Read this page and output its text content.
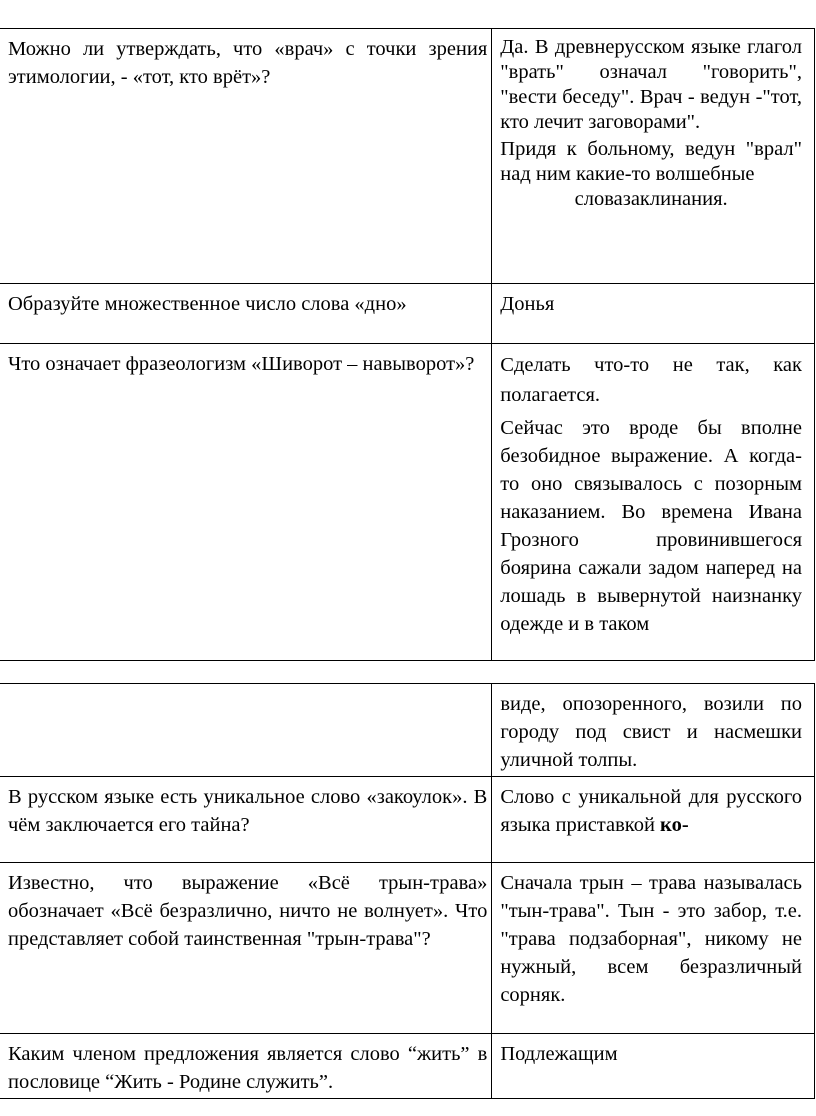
Можно ли утверждать, что «врач» с точки зрения этимологии, - «тот, кто врёт»?	Да. В древнерусском языке глагол "врать" означал "говорить", "вести беседу". Врач - ведун -"тот, кто лечит заговорами".

Придя к больному, ведун "врал" над ним какие-то волшебные

словазаклинания.

Образуйте множественное число слова «дно»	Донья
Что означает фразеологизм «Шиворот – навыворот»?	Сделать что-то не так, как полагается.

Сейчас это вроде бы вполне безобидное выражение. А когда-то оно связывалось с позорным наказанием. Во времена Ивана Грозного провинившегося боярина сажали задом наперед на лошадь в вывернутой наизнанку одежде и в таком

	виде, опозоренного, возили по городу под свист и насмешки уличной толпы.
В русском языке есть уникальное слово «закоулок». В чём заключается его тайна?	Слово с уникальной для русского языка приставкой ко-
Известно, что выражение «Всё трын-трава» обозначает «Всё безразлично, ничто не волнует». Что представляет собой таинственная "трын-трава"?	Сначала трын – трава называлась "тын-трава". Тын - это забор, т.е. "трава подзаборная", никому не нужный, всем безразличный сорняк.
Каким членом предложения является слово “жить” в пословице “Жить - Родине служить”.	Подлежащим
